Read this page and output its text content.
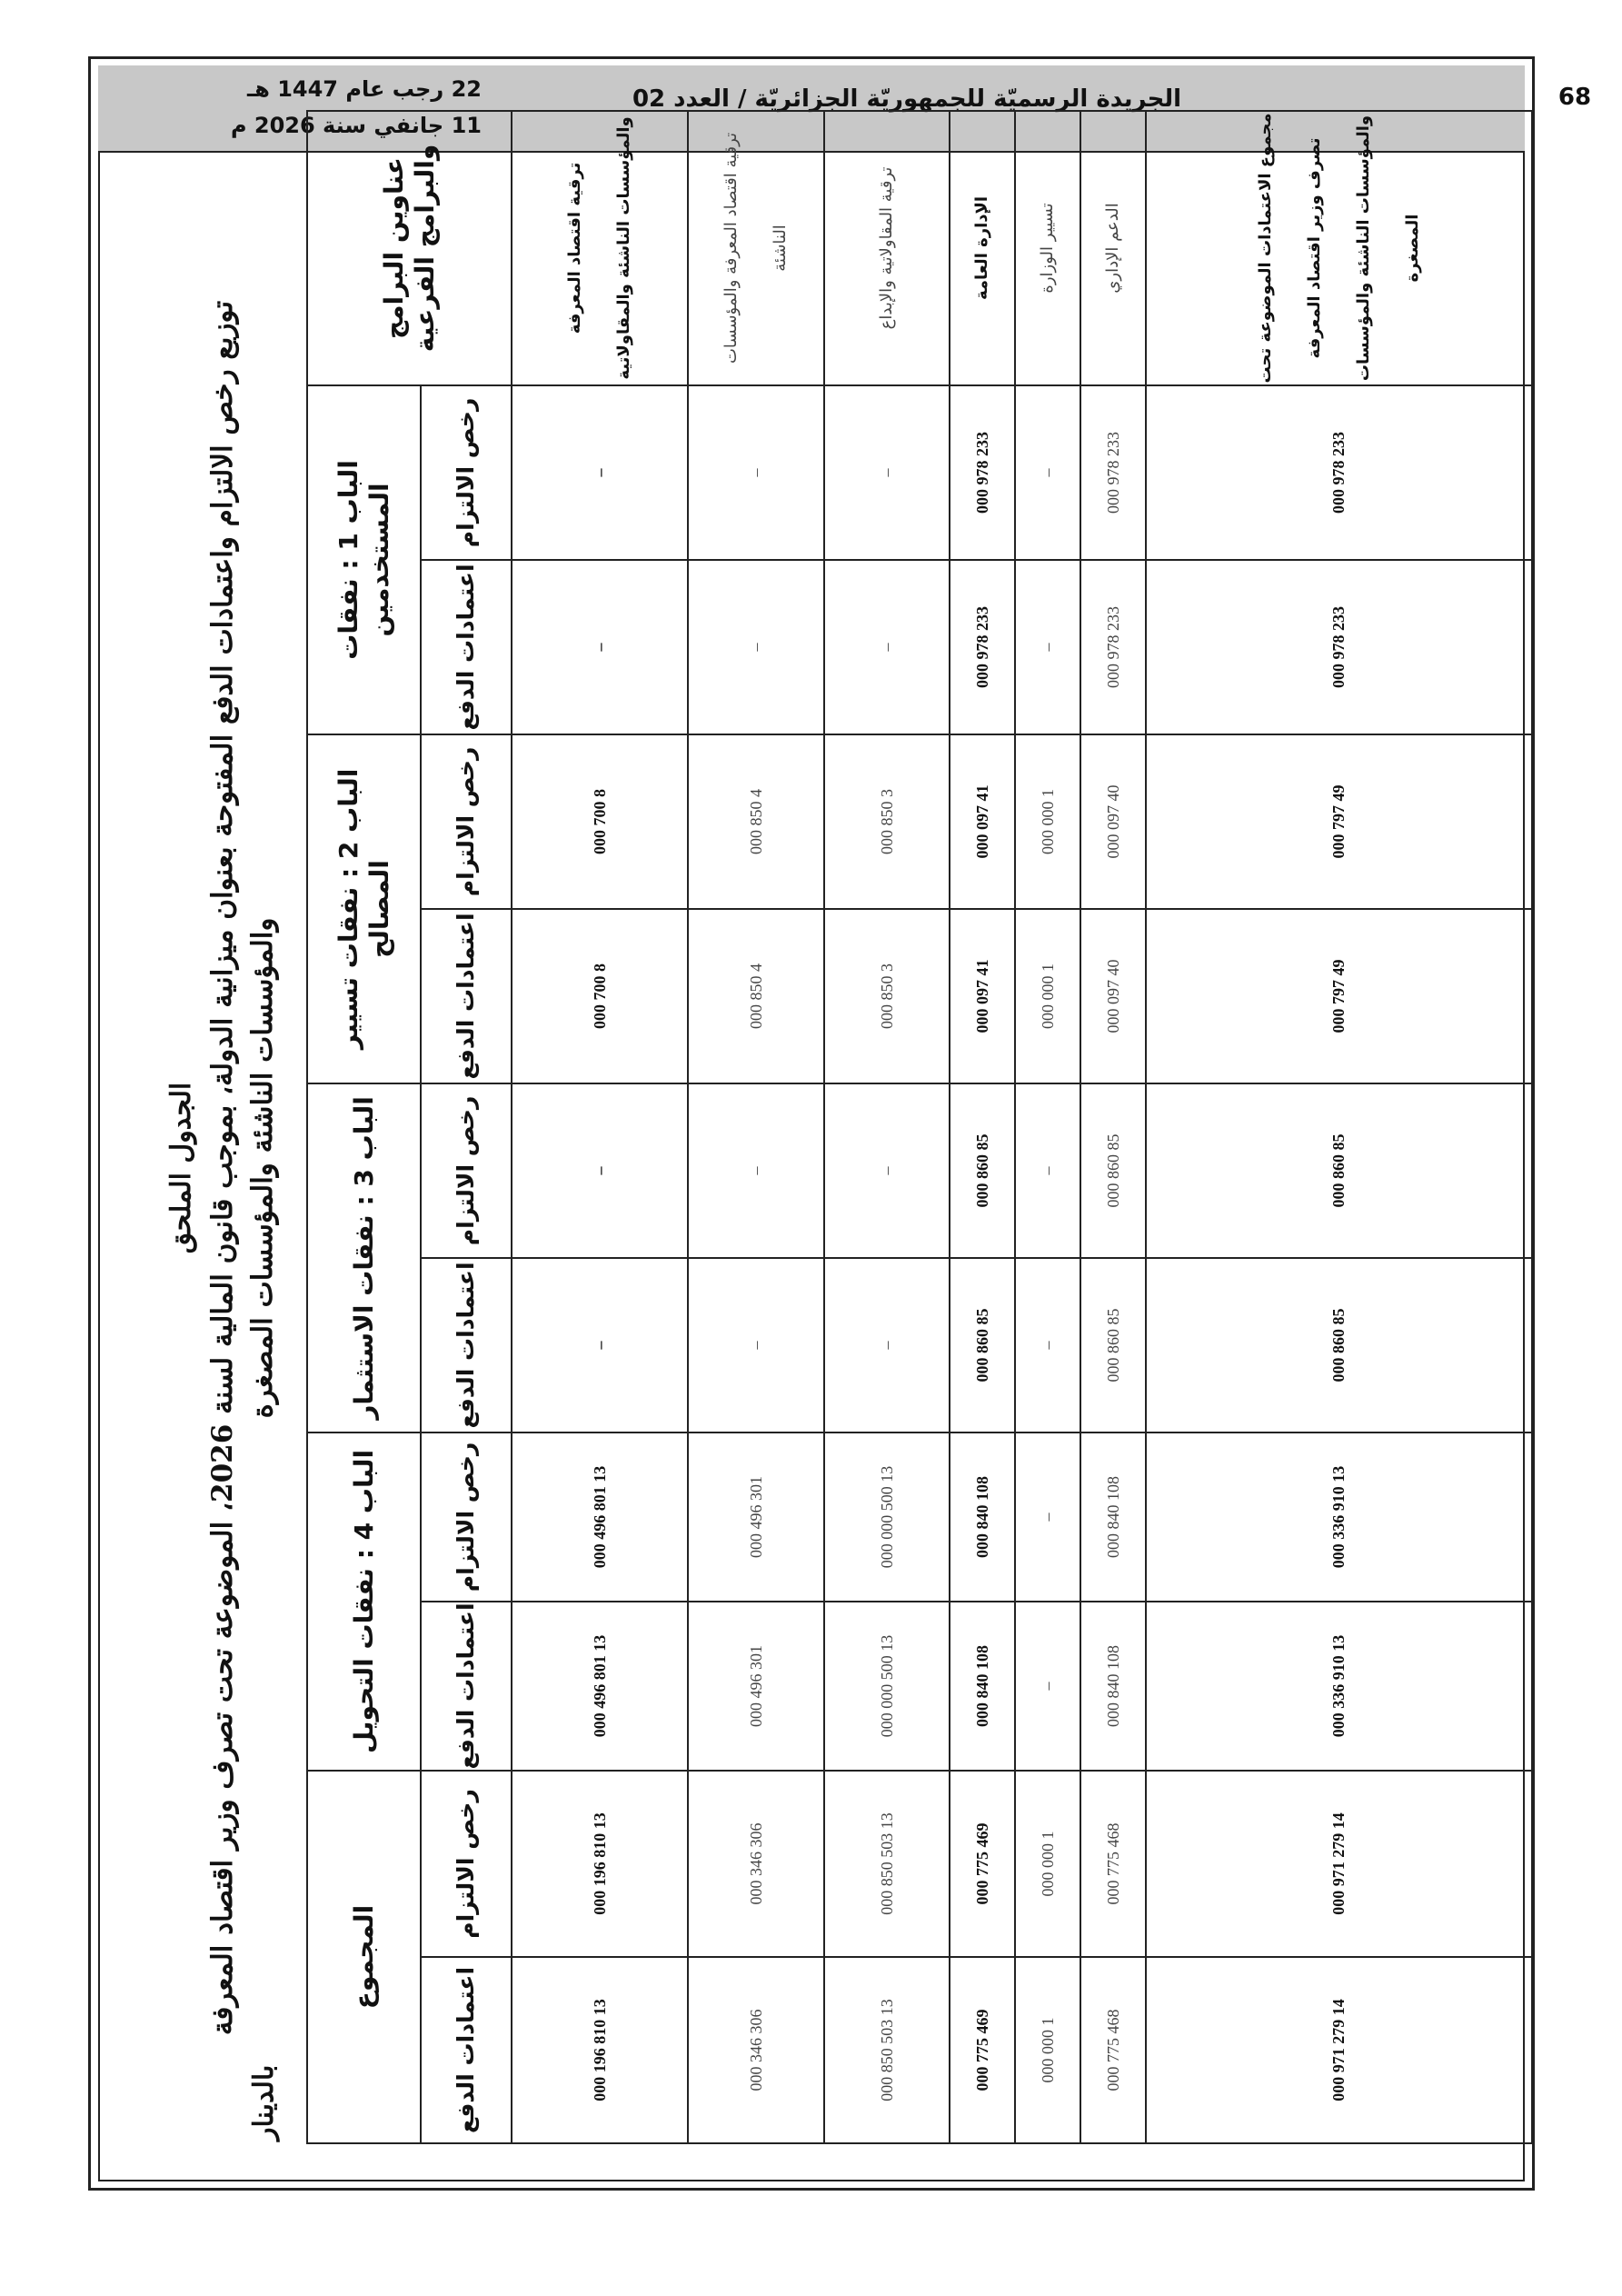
68
الجريدة الرسميّة للجمهوريّة الجزائريّة / العدد 02
22 رجب عام 1447 هـ
11 جانفي سنة 2026 م
الجدول الملحق
توزيع رخص الالتزام واعتمادات الدفع المفتوحة بعنوان ميزانية الدولة، بموجب قانون المالية لسنة 2026، الموضوعة تحت تصرف وزير اقتصاد المعرفة والمؤسسات الناشئة والمؤسسات المصغرة
بالدينار
عناوين البرامج والبرامج الفرعية	الباب 1 : نفقات المستخدمين		الباب 2 : نفقات تسيير المصالح		الباب 3 : نفقات الاستثمار		الباب 4 : نفقات التحويل		المجموع	
	رخص الالتزام	اعتمادات الدفع	رخص الالتزام	اعتمادات الدفع	رخص الالتزام	اعتمادات الدفع	رخص الالتزام	اعتمادات الدفع	رخص الالتزام	اعتمادات الدفع
ترقية اقتصاد المعرفة والمؤسسات الناشئة والمقاولاتية	–	–	8 700 000	8 700 000	–	–	13 801 496 000	13 801 496 000	13 810 196 000	13 810 196 000
ترقية اقتصاد المعرفة والمؤسسات الناشئة	–	–	4 850 000	4 850 000	–	–	301 496 000	301 496 000	306 346 000	306 346 000
ترقية المقاولاتية والإبداع	–	–	3 850 000	3 850 000	–	–	13 500 000 000	13 500 000 000	13 503 850 000	13 503 850 000
الإدارة العامة	233 978 000	233 978 000	41 097 000	41 097 000	85 860 000	85 860 000	108 840 000	108 840 000	469 775 000	469 775 000
تسيير الوزارة	–	–	1 000 000	1 000 000	–	–	–	–	1 000 000	1 000 000
الدعم الإداري	233 978 000	233 978 000	40 097 000	40 097 000	85 860 000	85 860 000	108 840 000	108 840 000	468 775 000	468 775 000
مجموع الاعتمادات الموضوعة تحت تصرف وزير اقتصاد المعرفة والمؤسسات الناشئة والمؤسسات المصغرة	233 978 000	233 978 000	49 797 000	49 797 000	85 860 000	85 860 000	13 910 336 000	13 910 336 000	14 279 971 000	14 279 971 000
